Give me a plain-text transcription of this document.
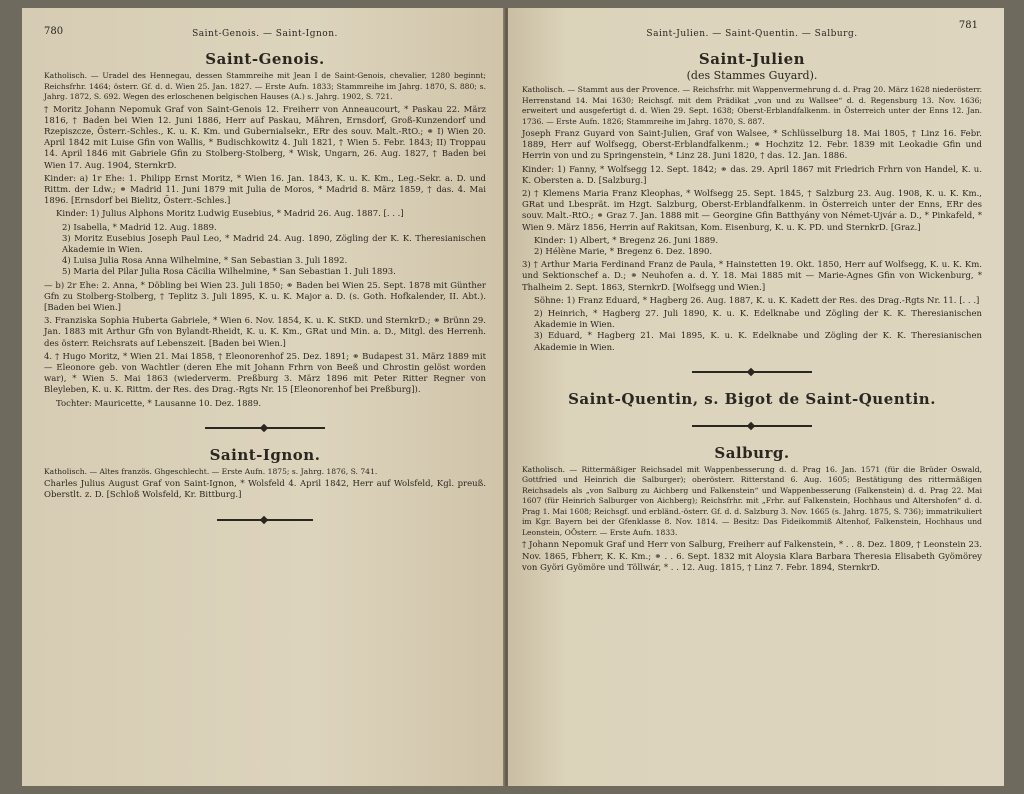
780	Saint-Genois. — Saint-Ignon.
Saint-Genois.

Katholisch. — Uradel des Hennegau, dessen Stammreihe mit Jean I de Saint-Genois, chevalier, 1280 beginnt; Reichsfrhr. 1464; österr. Gf. d. d. Wien 25. Jan. 1827. — Erste Aufn. 1833; Stammreihe im Jahrg. 1870, S. 880; s. Jahrg. 1872, S. 692. Wegen des erloschenen belgischen Hauses (A.) s. Jahrg. 1902, S. 721.

† Moritz Johann Nepomuk Graf von Saint-Genois 12. Freiherr von Anneaucourt, * Paskau 22. März 1816, † Baden bei Wien 12. Juni 1886, Herr auf Paskau, Mähren, Ernsdorf, Groß-Kunzendorf und Rzepiszcze, Österr.-Schles., K. u. K. Km. und Gubernialsekr., ERr des souv. Malt.-RtO.; ⚭ I) Wien 20. April 1842 mit Luise Gfin von Wallis, * Budischkowitz 4. Juli 1821, † Wien 5. Febr. 1843; II) Troppau 14. April 1846 mit Gabriele Gfin zu Stolberg-Stolberg, * Wisk, Ungarn, 26. Aug. 1827, † Baden bei Wien 17. Aug. 1904, SternkrD.

Kinder: a) 1r Ehe: 1. Philipp Ernst Moritz, * Wien 16. Jan. 1843, K. u. K. Km., Leg.-Sekr. a. D. und Rittm. der Ldw.; ⚭ Madrid 11. Juni 1879 mit Julia de Moros, * Madrid 8. März 1859, † das. 4. Mai 1896. [Ernsdorf bei Bielitz, Österr.-Schles.]

Kinder: 1) Julius Alphons Moritz Ludwig Eusebius, * Madrid 26. Aug. 1887. [. . .]

2) Isabella, * Madrid 12. Aug. 1889.

3) Moritz Eusebius Joseph Paul Leo, * Madrid 24. Aug. 1890, Zögling der K. K. Theresianischen Akademie in Wien.

4) Luisa Julia Rosa Anna Wilhelmine, * San Sebastian 3. Juli 1892.

5) Maria del Pilar Julia Rosa Cäcilia Wilhelmine, * San Sebastian 1. Juli 1893.

— b) 2r Ehe: 2. Anna, * Döbling bei Wien 23. Juli 1850; ⚭ Baden bei Wien 25. Sept. 1878 mit Günther Gfn zu Stolberg-Stolberg, † Teplitz 3. Juli 1895, K. u. K. Major a. D. (s. Goth. Hofkalender, II. Abt.). [Baden bei Wien.]

3. Franziska Sophia Huberta Gabriele, * Wien 6. Nov. 1854, K. u. K. StKD. und SternkrD.; ⚭ Brünn 29. Jan. 1883 mit Arthur Gfn von Bylandt-Rheidt, K. u. K. Km., GRat und Min. a. D., Mitgl. des Herrenh. des österr. Reichsrats auf Lebenszeit. [Baden bei Wien.]

4. † Hugo Moritz, * Wien 21. Mai 1858, † Eleonorenhof 25. Dez. 1891; ⚭ Budapest 31. März 1889 mit — Eleonore geb. von Wachtler (deren Ehe mit Johann Frhrn von Beeß und Chrostin gelöst worden war), * Wien 5. Mai 1863 (wiederverm. Preßburg 3. März 1896 mit Peter Ritter Regner von Bleyleben, K. u. K. Rittm. der Res. des Drag.-Rgts Nr. 15 [Eleonorenhof bei Preßburg]).

Tochter: Mauricette, * Lausanne 10. Dez. 1889.

Saint-Ignon.

Katholisch. — Altes französ. Ghgeschlecht. — Erste Aufn. 1875; s. Jahrg. 1876, S. 741.

Charles Julius August Graf von Saint-Ignon, * Wolsfeld 4. April 1842, Herr auf Wolsfeld, Kgl. preuß. Oberstlt. z. D. [Schloß Wolsfeld, Kr. Bittburg.]

781
Saint-Julien. — Saint-Quentin. — Salburg.
Saint-Julien
(des Stammes Guyard).

Katholisch. — Stammt aus der Provence. — Reichsfrhr. mit Wappenvermehrung d. d. Prag 20. März 1628 niederösterr. Herrenstand 14. Mai 1630; Reichsgf. mit dem Prädikat „von und zu Wallsee“ d. d. Regensburg 13. Nov. 1636; erweitert und ausgefertigt d. d. Wien 29. Sept. 1638; Oberst-Erblandfalkenm. in Österreich unter der Enns 12. Jan. 1736. — Erste Aufn. 1826; Stammreihe im Jahrg. 1870, S. 887.

Joseph Franz Guyard von Saint-Julien, Graf von Walsee, * Schlüsselburg 18. Mai 1805, † Linz 16. Febr. 1889, Herr auf Wolfsegg, Oberst-Erblandfalkenm.; ⚭ Hochzitz 12. Febr. 1839 mit Leokadie Gfin und Herrin von und zu Springenstein, * Linz 28. Juni 1820, † das. 12. Jan. 1886.

Kinder: 1) Fanny, * Wolfsegg 12. Sept. 1842; ⚭ das. 29. April 1867 mit Friedrich Frhrn von Handel, K. u. K. Obersten a. D. [Salzburg.]

2) † Klemens Maria Franz Kleophas, * Wolfsegg 25. Sept. 1845, † Salzburg 23. Aug. 1908, K. u. K. Km., GRat und Lbesprät. im Hzgt. Salzburg, Oberst-Erblandfalkenm. in Österreich unter der Enns, ERr des souv. Malt.-RtO.; ⚭ Graz 7. Jan. 1888 mit — Georgine Gfin Batthyány von Német-Ujvár a. D., * Pinkafeld, * Wien 9. März 1856, Herrin auf Rakitsan, Kom. Eisenburg, K. u. K. PD. und SternkrD. [Graz.]

Kinder: 1) Albert, * Bregenz 26. Juni 1889.

2) Hélène Marie, * Bregenz 6. Dez. 1890.

3) † Arthur Maria Ferdinand Franz de Paula, * Hainstetten 19. Okt. 1850, Herr auf Wolfsegg, K. u. K. Km. und Sektionschef a. D.; ⚭ Neuhofen a. d. Y. 18. Mai 1885 mit — Marie-Agnes Gfin von Wickenburg, * Thalheim 2. Sept. 1863, SternkrD. [Wolfsegg und Wien.]

Söhne: 1) Franz Eduard, * Hagberg 26. Aug. 1887, K. u. K. Kadett der Res. des Drag.-Rgts Nr. 11. [. . .]

2) Heinrich, * Hagberg 27. Juli 1890, K. u. K. Edelknabe und Zögling der K. K. Theresianischen Akademie in Wien.

3) Eduard, * Hagberg 21. Mai 1895, K. u. K. Edelknabe und Zögling der K. K. Theresianischen Akademie in Wien.

Saint-Quentin, s. Bigot de Saint-Quentin.
Salburg.

Katholisch. — Rittermäßiger Reichsadel mit Wappenbesserung d. d. Prag 16. Jan. 1571 (für die Brüder Oswald, Gottfried und Heinrich die Salburger); oberösterr. Ritterstand 6. Aug. 1605; Bestätigung des rittermäßigen Reichsadels als „von Salburg zu Aichberg und Falkenstein“ und Wappenbesserung (Falkenstein) d. d. Prag 22. Mai 1607 (für Heinrich Salburger von Aichberg); Reichsfrhr. mit „Frhr. auf Falkenstein, Hochhaus und Altershofen“ d. d. Prag 1. Mai 1608; Reichsgf. und erbländ.-österr. Gf. d. d. Salzburg 3. Nov. 1665 (s. Jahrg. 1875, S. 736); immatrikuliert im Kgr. Bayern bei der Gfenklasse 8. Nov. 1814. — Besitz: Das Fideikommiß Altenhof, Falkenstein, Hochhaus und Leonstein, OÖsterr. — Erste Aufn. 1833.

† Johann Nepomuk Graf und Herr von Salburg, Freiherr auf Falkenstein, * . . 8. Dez. 1809, † Leonstein 23. Nov. 1865, Fbherr, K. K. Km.; ⚭ . . 6. Sept. 1832 mit Aloysia Klara Barbara Theresia Elisabeth Gyömörey von Györi Gyömöre und Töllwár, * . . 12. Aug. 1815, † Linz 7. Febr. 1894, SternkrD.
